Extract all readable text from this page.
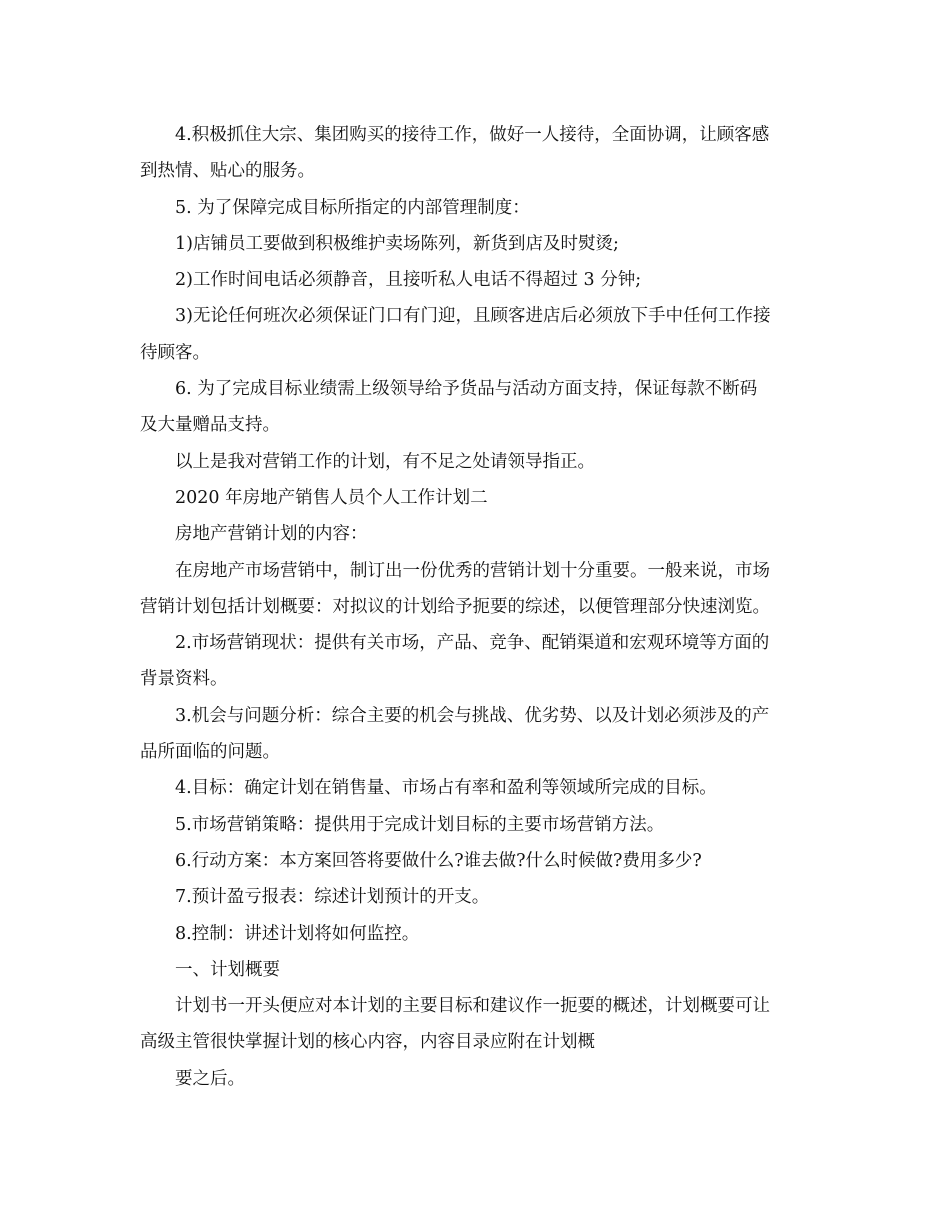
4.积极抓住大宗、集团购买的接待工作，做好一人接待，全面协调，让顾客感
到热情、贴心的服务。
5. 为了保障完成目标所指定的内部管理制度：
1)店铺员工要做到积极维护卖场陈列，新货到店及时熨烫;
2)工作时间电话必须静音，且接听私人电话不得超过 3 分钟;
3)无论任何班次必须保证门口有门迎，且顾客进店后必须放下手中任何工作接
待顾客。
6. 为了完成目标业绩需上级领导给予货品与活动方面支持，保证每款不断码
及大量赠品支持。
以上是我对营销工作的计划，有不足之处请领导指正。
2020 年房地产销售人员个人工作计划二
房地产营销计划的内容：
在房地产市场营销中，制订出一份优秀的营销计划十分重要。一般来说，市场
营销计划包括计划概要：对拟议的计划给予扼要的综述，以便管理部分快速浏览。
2.市场营销现状：提供有关市场，产品、竞争、配销渠道和宏观环境等方面的
背景资料。
3.机会与问题分析：综合主要的机会与挑战、优劣势、以及计划必须涉及的产
品所面临的问题。
4.目标：确定计划在销售量、市场占有率和盈利等领域所完成的目标。
5.市场营销策略：提供用于完成计划目标的主要市场营销方法。
6.行动方案：本方案回答将要做什么?谁去做?什么时候做?费用多少?
7.预计盈亏报表：综述计划预计的开支。
8.控制：讲述计划将如何监控。
一、计划概要
计划书一开头便应对本计划的主要目标和建议作一扼要的概述，计划概要可让
高级主管很快掌握计划的核心内容，内容目录应附在计划概
要之后。
